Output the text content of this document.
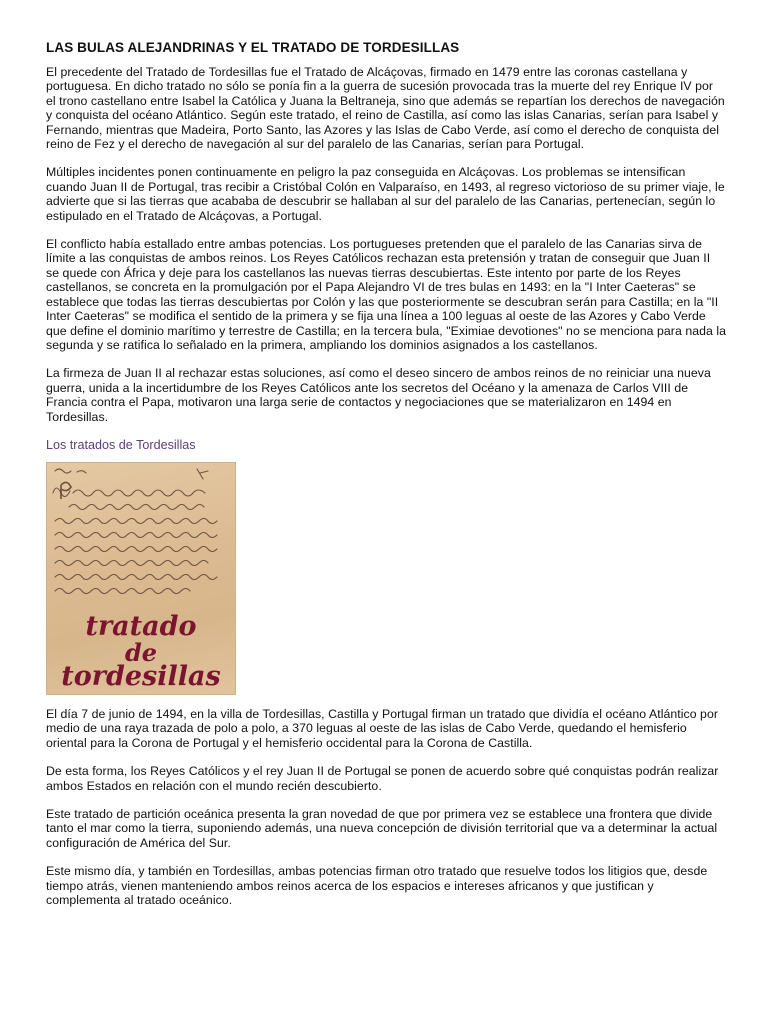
LAS BULAS ALEJANDRINAS Y EL TRATADO DE TORDESILLAS

El precedente del Tratado de Tordesillas fue el Tratado de Alcáçovas, firmado en 1479 entre las coronas castellana y portuguesa. En dicho tratado no sólo se ponía fin a la guerra de sucesión provocada tras la muerte del rey Enrique IV por el trono castellano entre Isabel la Católica y Juana la Beltraneja, sino que además se repartían los derechos de navegación y conquista del océano Atlántico. Según este tratado, el reino de Castilla, así como las islas Canarias, serían para Isabel y Fernando, mientras que Madeira, Porto Santo, las Azores y las Islas de Cabo Verde, así como el derecho de conquista del reino de Fez y el derecho de navegación al sur del paralelo de las Canarias, serían para Portugal.

Múltiples incidentes ponen continuamente en peligro la paz conseguida en Alcáçovas. Los problemas se intensifican cuando Juan II de Portugal, tras recibir a Cristóbal Colón en Valparaíso, en 1493, al regreso victorioso de su primer viaje, le advierte que si las tierras que acababa de descubrir se hallaban al sur del paralelo de las Canarias, pertenecían, según lo estipulado en el Tratado de Alcáçovas, a Portugal.

El conflicto había estallado entre ambas potencias. Los portugueses pretenden que el paralelo de las Canarias sirva de límite a las conquistas de ambos reinos. Los Reyes Católicos rechazan esta pretensión y tratan de conseguir que Juan II se quede con África y deje para los castellanos las nuevas tierras descubiertas. Este intento por parte de los Reyes castellanos, se concreta en la promulgación por el Papa Alejandro VI de tres bulas en 1493: en la "I Inter Caeteras" se establece que todas las tierras descubiertas por Colón y las que posteriormente se descubran serán para Castilla; en la "II Inter Caeteras" se modifica el sentido de la primera y se fija una línea a 100 leguas al oeste de las Azores y Cabo Verde que define el dominio marítimo y terrestre de Castilla; en la tercera bula, "Eximiae devotiones" no se menciona para nada la segunda y se ratifica lo señalado en la primera, ampliando los dominios asignados a los castellanos.

La firmeza de Juan II al rechazar estas soluciones, así como el deseo sincero de ambos reinos de no reiniciar una nueva guerra, unida a la incertidumbre de los Reyes Católicos ante los secretos del Océano y la amenaza de Carlos VIII de Francia contra el Papa, motivaron una larga serie de contactos y negociaciones que se materializaron en 1494 en Tordesillas.

Los tratados de Tordesillas
tratado
de
tordesillas

El día 7 de junio de 1494, en la villa de Tordesillas, Castilla y Portugal firman un tratado que dividía el océano Atlántico por medio de una raya trazada de polo a polo, a 370 leguas al oeste de las islas de Cabo Verde, quedando el hemisferio oriental para la Corona de Portugal y el hemisferio occidental para la Corona de Castilla.

De esta forma, los Reyes Católicos y el rey Juan II de Portugal se ponen de acuerdo sobre qué conquistas podrán realizar ambos Estados en relación con el mundo recién descubierto.

Este tratado de partición oceánica presenta la gran novedad de que por primera vez se establece una frontera que divide tanto el mar como la tierra, suponiendo además, una nueva concepción de división territorial que va a determinar la actual configuración de América del Sur.

Este mismo día, y también en Tordesillas, ambas potencias firman otro tratado que resuelve todos los litigios que, desde tiempo atrás, vienen manteniendo ambos reinos acerca de los espacios e intereses africanos y que justifican y complementa al tratado oceánico.
